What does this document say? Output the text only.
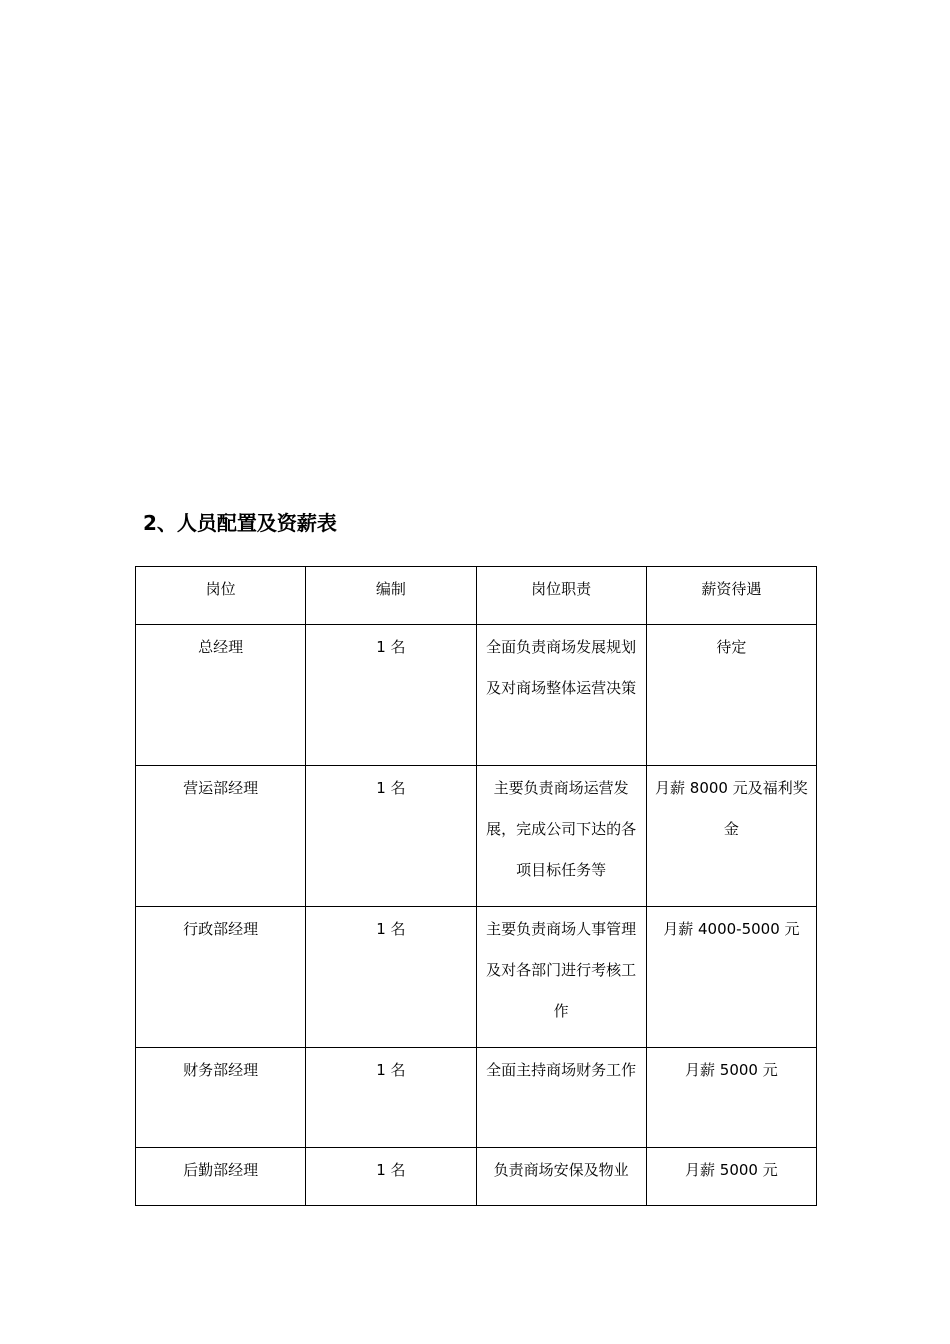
2、人员配置及资薪表
岗位	编制	岗位职责	薪资待遇
总经理	1 名	全面负责商场发展规划及对商场整体运营决策	待定
营运部经理	1 名	主要负责商场运营发展，完成公司下达的各项目标任务等	月薪 8000 元及福利奖金
行政部经理	1 名	主要负责商场人事管理及对各部门进行考核工作	月薪 4000-5000 元
财务部经理	1 名	全面主持商场财务工作	月薪 5000 元
后勤部经理	1 名	负责商场安保及物业	月薪 5000 元
